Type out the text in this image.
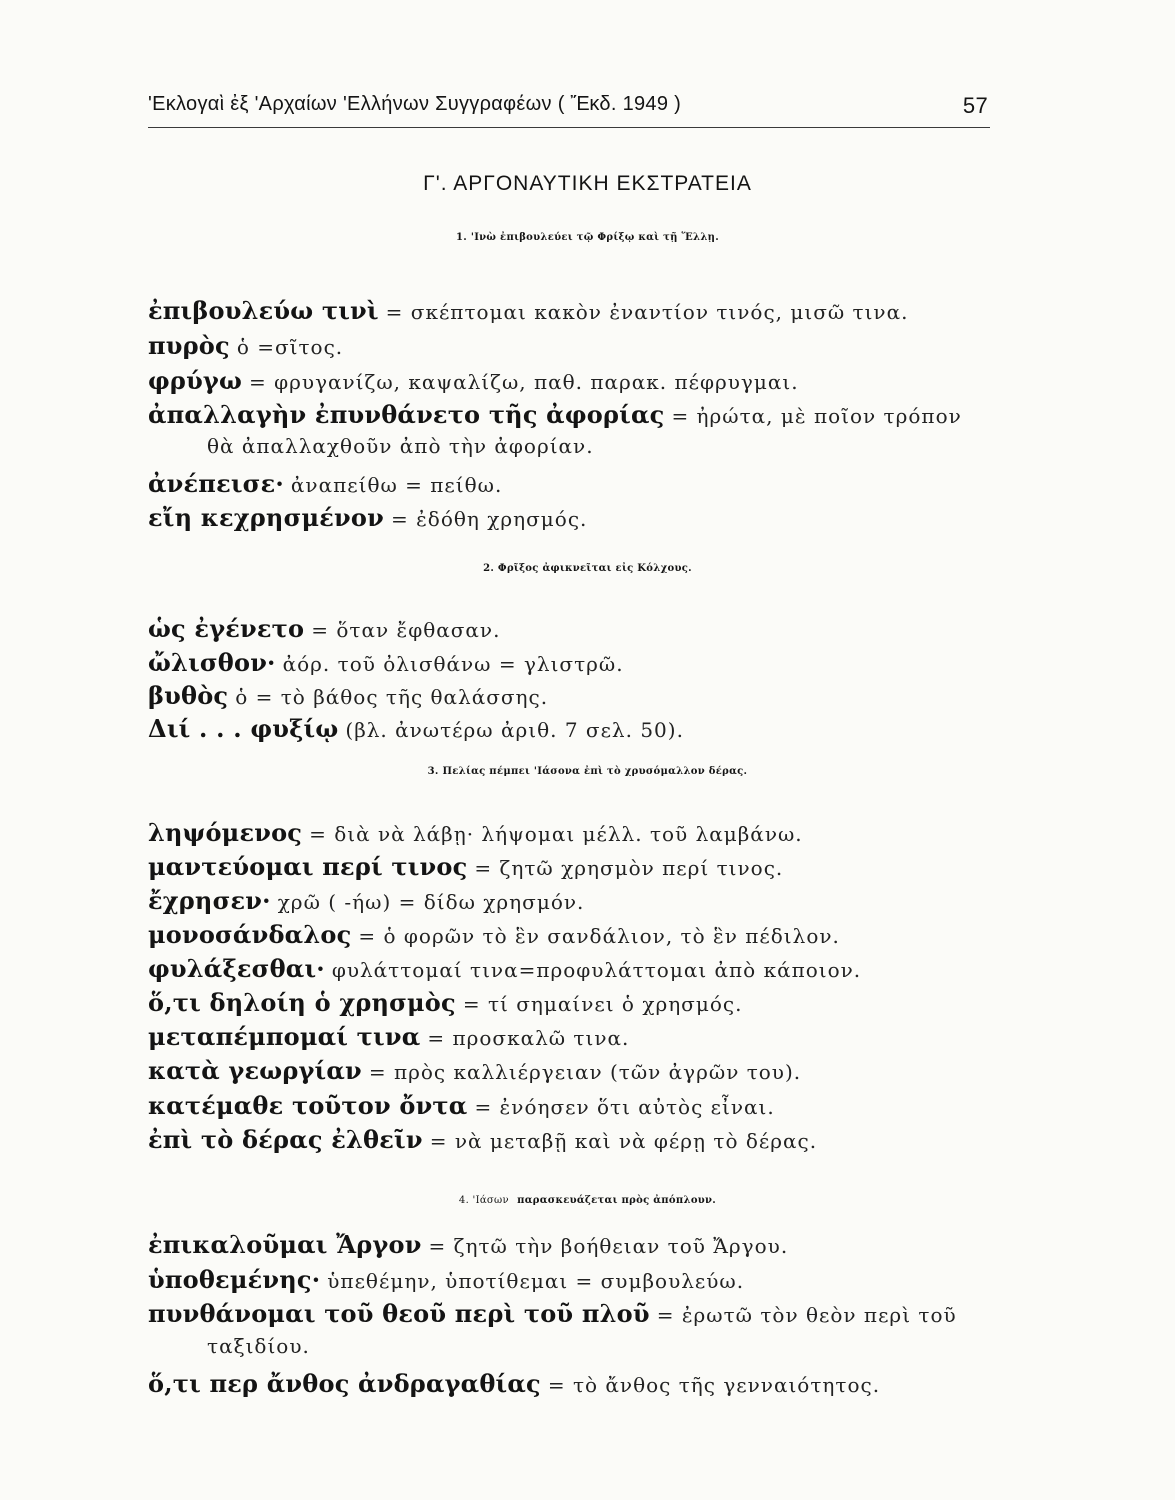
'Εκλογαὶ ἐξ 'Αρχαίων 'Ελλήνων Συγγραφέων ( Ἔκδ. 1949 )	57
Γ'. ΑΡΓΟΝΑΥΤΙΚΗ ΕΚΣΤΡΑΤΕΙΑ
1. 'Ινὼ ἐπιβουλεύει τῷ Φρίξῳ καὶ τῇ Ἕλλῃ.
ἐπιβουλεύω τινὶ = σκέπτομαι κακὸν ἐναντίον τινός, μισῶ τινα.
πυρὸς ὁ =σῖτος.
φρύγω = φρυγανίζω, καψαλίζω, παθ. παρακ. πέφρυγμαι.
ἀπαλλαγὴν ἐπυνθάνετο τῆς ἀφορίας = ἠρώτα, μὲ ποῖον τρόπον
θὰ ἀπαλλαχθοῦν ἀπὸ τὴν ἀφορίαν.
ἀνέπεισε· ἀναπείθω = πείθω.
εἴη κεχρησμένον = ἐδόθη χρησμός.
2. Φρῖξος ἀφικνεῖται εἰς Κόλχους.
ὡς ἐγένετο = ὅταν ἔφθασαν.
ὤλισθον· ἀόρ. τοῦ ὀλισθάνω = γλιστρῶ.
βυθὸς ὁ = τὸ βάθος τῆς θαλάσσης.
Διί . . . φυξίῳ (βλ. ἀνωτέρω ἀριθ. 7 σελ. 50).
3. Πελίας πέμπει 'Ιάσονα ἐπὶ τὸ χρυσόμαλλον δέρας.
ληψόμενος = διὰ νὰ λάβῃ· λήψομαι μέλλ. τοῦ λαμβάνω.
μαντεύομαι περί τινος = ζητῶ χρησμὸν περί τινος.
ἔχρησεν· χρῶ ( -ήω) = δίδω χρησμόν.
μονοσάνδαλος = ὁ φορῶν τὸ ἓν σανδάλιον, τὸ ἓν πέδιλον.
φυλάξεσθαι· φυλάττομαί τινα=προφυλάττομαι ἀπὸ κάποιον.
ὅ,τι δηλοίη ὁ χρησμὸς = τί σημαίνει ὁ χρησμός.
μεταπέμπομαί τινα = προσκαλῶ τινα.
κατὰ γεωργίαν = πρὸς καλλιέργειαν (τῶν ἀγρῶν του).
κατέμαθε τοῦτον ὄντα = ἐνόησεν ὅτι αὐτὸς εἶναι.
ἐπὶ τὸ δέρας ἐλθεῖν = νὰ μεταβῇ καὶ νὰ φέρῃ τὸ δέρας.
4. 'Ιάσων παρασκευάζεται πρὸς ἀπόπλουν.
ἐπικαλοῦμαι Ἄργον = ζητῶ τὴν βοήθειαν τοῦ Ἄργου.
ὑποθεμένης· ὑπεθέμην, ὑποτίθεμαι = συμβουλεύω.
πυνθάνομαι τοῦ θεοῦ περὶ τοῦ πλοῦ = ἐρωτῶ τὸν θεὸν περὶ τοῦ
ταξιδίου.
ὅ,τι περ ἄνθος ἀνδραγαθίας = τὸ ἄνθος τῆς γενναιότητος.
